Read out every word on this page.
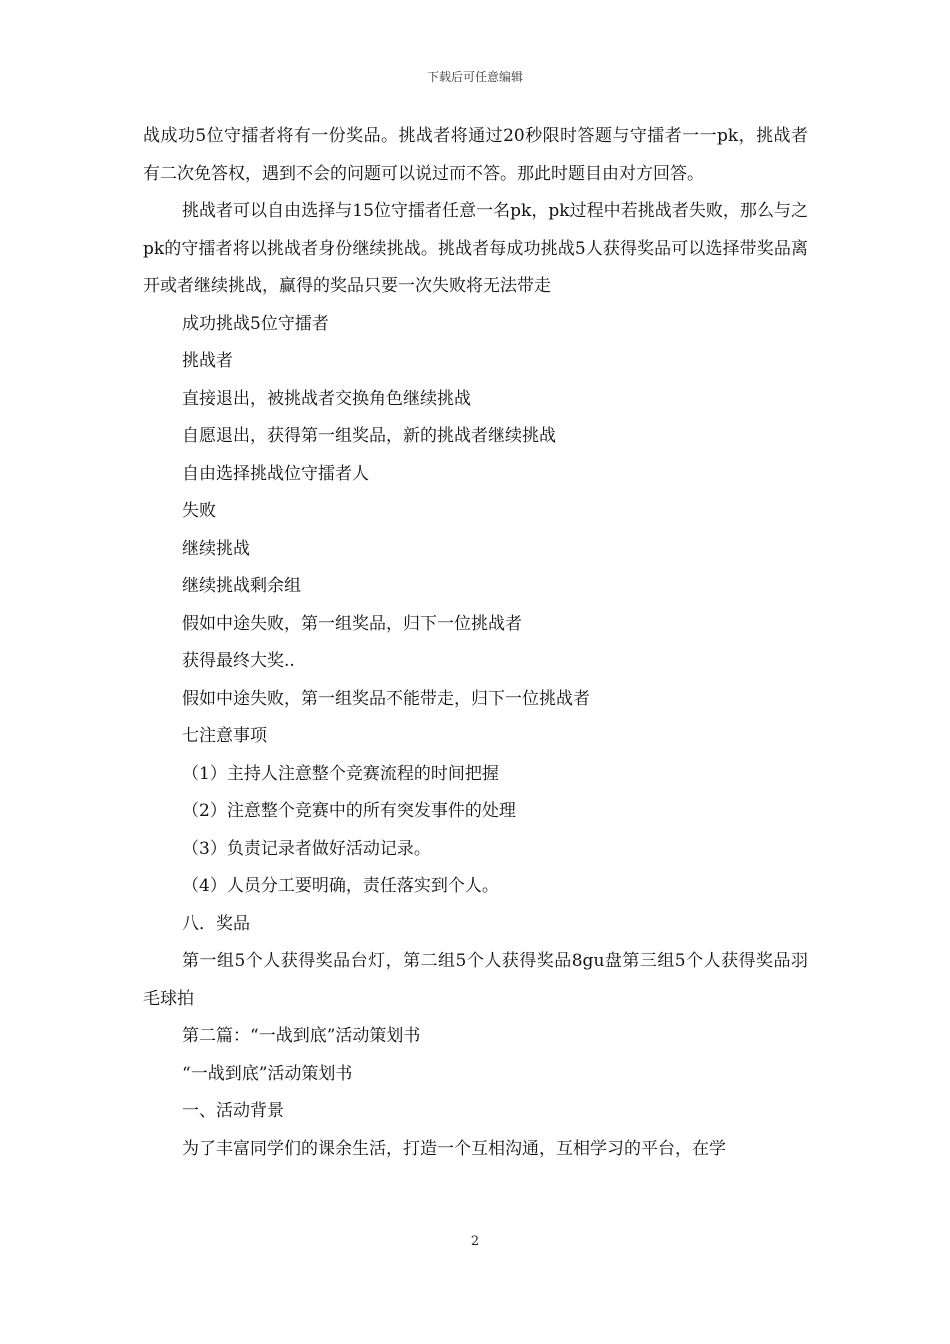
下载后可任意编辑

战成功5位守擂者将有一份奖品。挑战者将通过20秒限时答题与守擂者一一pk，挑战者有二次免答权，遇到不会的问题可以说过而不答。那此时题目由对方回答。

挑战者可以自由选择与15位守擂者任意一名pk，pk过程中若挑战者失败，那么与之pk的守擂者将以挑战者身份继续挑战。挑战者每成功挑战5人获得奖品可以选择带奖品离开或者继续挑战，赢得的奖品只要一次失败将无法带走

成功挑战5位守擂者

挑战者

直接退出，被挑战者交换角色继续挑战

自愿退出，获得第一组奖品，新的挑战者继续挑战

自由选择挑战位守擂者人

失败

继续挑战

继续挑战剩余组

假如中途失败，第一组奖品，归下一位挑战者

获得最终大奖..

假如中途失败，第一组奖品不能带走，归下一位挑战者

七注意事项

（1）主持人注意整个竞赛流程的时间把握

（2）注意整个竞赛中的所有突发事件的处理

（3）负责记录者做好活动记录。

（4）人员分工要明确，责任落实到个人。

八．奖品

第一组5个人获得奖品台灯，第二组5个人获得奖品8gu盘第三组5个人获得奖品羽毛球拍

第二篇：“一战到底”活动策划书

“一战到底”活动策划书

一、活动背景

为了丰富同学们的课余生活，打造一个互相沟通，互相学习的平台，在学

2
